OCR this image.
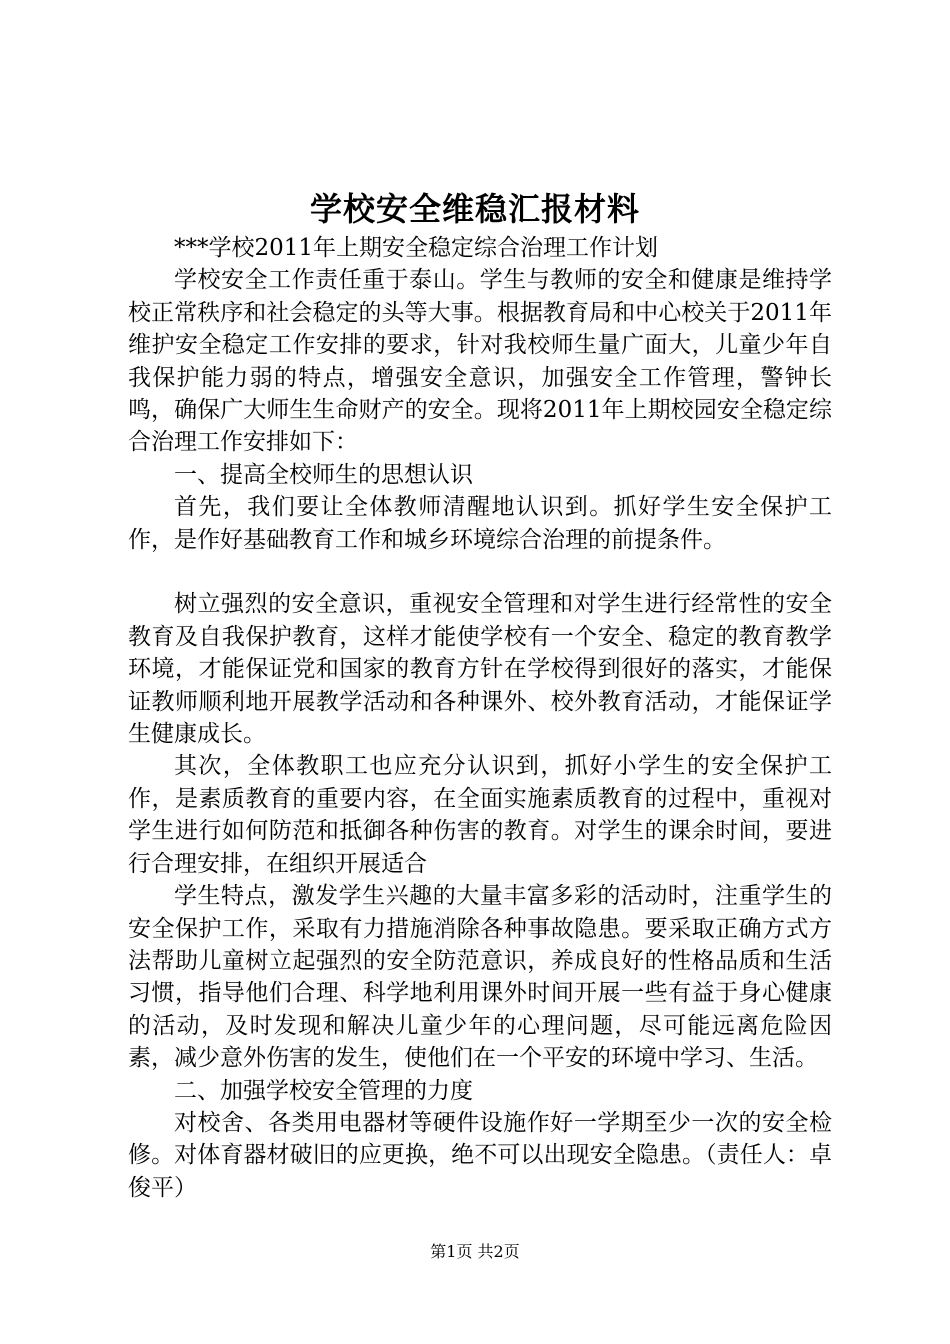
学校安全维稳汇报材料

***学校2011年上期安全稳定综合治理工作计划

学校安全工作责任重于泰山。学生与教师的安全和健康是维持学校正常秩序和社会稳定的头等大事。根据教育局和中心校关于2011年维护安全稳定工作安排的要求，针对我校师生量广面大，儿童少年自我保护能力弱的特点，增强安全意识，加强安全工作管理，警钟长鸣，确保广大师生生命财产的安全。现将2011年上期校园安全稳定综合治理工作安排如下：

一、提高全校师生的思想认识

首先，我们要让全体教师清醒地认识到。抓好学生安全保护工作，是作好基础教育工作和城乡环境综合治理的前提条件。

树立强烈的安全意识，重视安全管理和对学生进行经常性的安全教育及自我保护教育，这样才能使学校有一个安全、稳定的教育教学环境，才能保证党和国家的教育方针在学校得到很好的落实，才能保证教师顺利地开展教学活动和各种课外、校外教育活动，才能保证学生健康成长。

其次，全体教职工也应充分认识到，抓好小学生的安全保护工作，是素质教育的重要内容，在全面实施素质教育的过程中，重视对学生进行如何防范和抵御各种伤害的教育。对学生的课余时间，要进行合理安排，在组织开展适合

学生特点，激发学生兴趣的大量丰富多彩的活动时，注重学生的安全保护工作，采取有力措施消除各种事故隐患。要采取正确方式方法帮助儿童树立起强烈的安全防范意识，养成良好的性格品质和生活习惯，指导他们合理、科学地利用课外时间开展一些有益于身心健康的活动，及时发现和解决儿童少年的心理问题，尽可能远离危险因素，减少意外伤害的发生，使他们在一个平安的环境中学习、生活。

二、加强学校安全管理的力度

对校舍、各类用电器材等硬件设施作好一学期至少一次的安全检修。对体育器材破旧的应更换，绝不可以出现安全隐患。（责任人：卓俊平）

第1页 共2页
